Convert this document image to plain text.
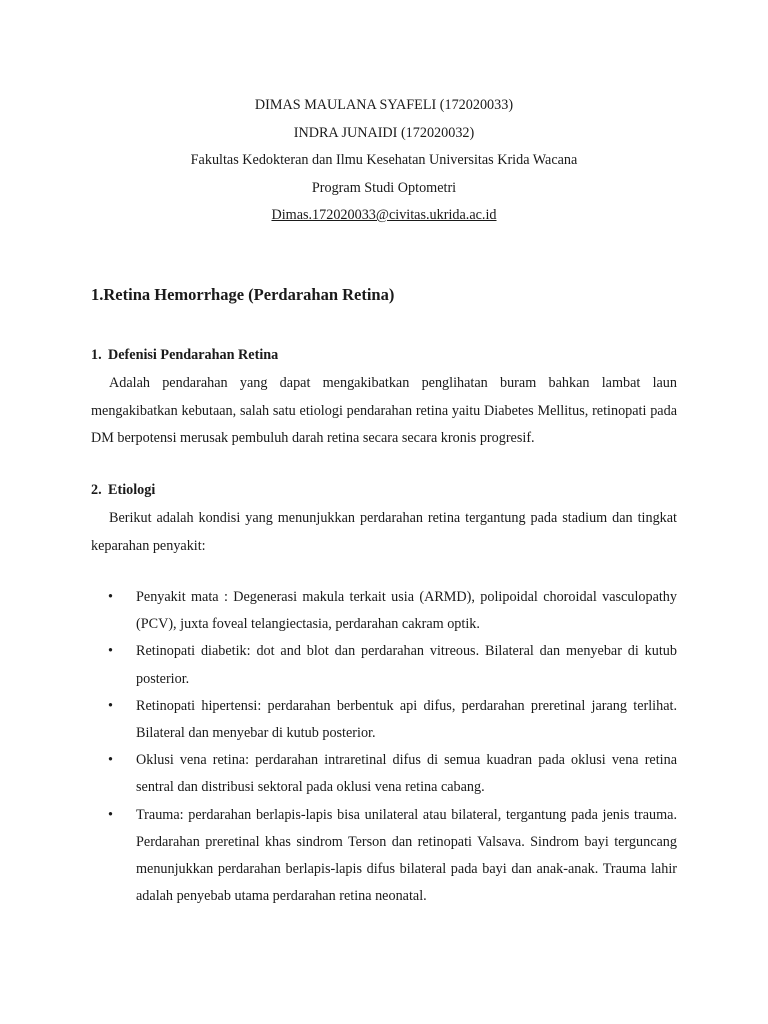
DIMAS MAULANA SYAFELI (172020033)
INDRA JUNAIDI (172020032)
Fakultas Kedokteran dan Ilmu Kesehatan Universitas Krida Wacana
Program Studi Optometri
Dimas.172020033@civitas.ukrida.ac.id
1.Retina Hemorrhage (Perdarahan Retina)
1. Defenisi Pendarahan Retina

Adalah pendarahan yang dapat mengakibatkan penglihatan buram bahkan lambat laun mengakibatkan kebutaan, salah satu etiologi pendarahan retina yaitu Diabetes Mellitus, retinopati pada DM berpotensi merusak pembuluh darah retina secara secara kronis progresif.

2. Etiologi

Berikut adalah kondisi yang menunjukkan perdarahan retina tergantung pada stadium dan tingkat keparahan penyakit:

• Penyakit mata : Degenerasi makula terkait usia (ARMD), polipoidal choroidal vasculopathy (PCV), juxta foveal telangiectasia, perdarahan cakram optik.
• Retinopati diabetik: dot and blot dan perdarahan vitreous. Bilateral dan menyebar di kutub posterior.
• Retinopati hipertensi: perdarahan berbentuk api difus, perdarahan preretinal jarang terlihat. Bilateral dan menyebar di kutub posterior.
• Oklusi vena retina: perdarahan intraretinal difus di semua kuadran pada oklusi vena retina sentral dan distribusi sektoral pada oklusi vena retina cabang.
• Trauma: perdarahan berlapis-lapis bisa unilateral atau bilateral, tergantung pada jenis trauma. Perdarahan preretinal khas sindrom Terson dan retinopati Valsava. Sindrom bayi terguncang menunjukkan perdarahan berlapis-lapis difus bilateral pada bayi dan anak-anak. Trauma lahir adalah penyebab utama perdarahan retina neonatal.
